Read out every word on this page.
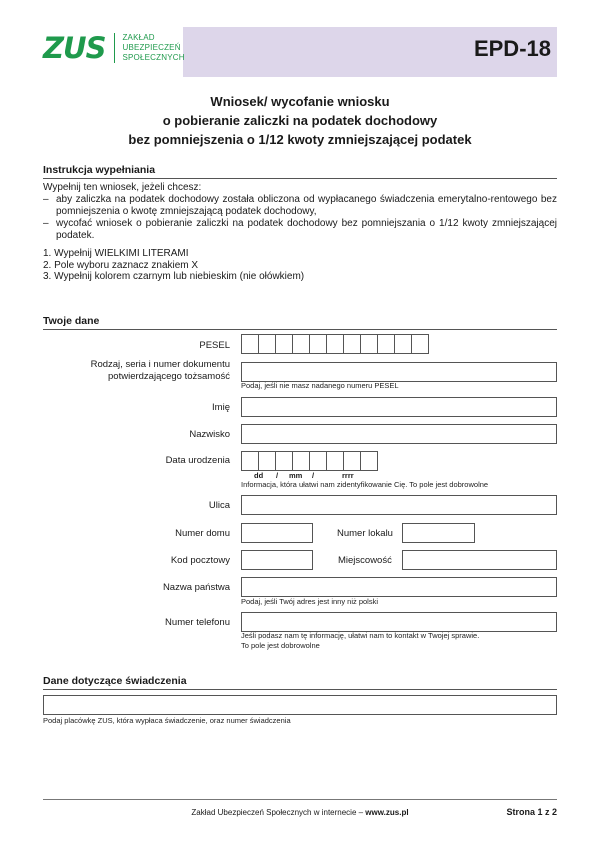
ZUS ZAKŁAD
UBEZPIECZEŃ
SPOŁECZNYCH	EPD-18
Wniosek/ wycofanie wniosku
o pobieranie zaliczki na podatek dochodowy
bez pomniejszenia o 1/12 kwoty zmniejszającej podatek
Instrukcja wypełniania
Wypełnij ten wniosek, jeżeli chcesz:
– aby zaliczka na podatek dochodowy została obliczona od wypłacanego świadczenia emerytalno-rentowego bez pomniejszenia o kwotę zmniejszającą podatek dochodowy,
– wycofać wniosek o pobieranie zaliczki na podatek dochodowy bez pomniejszania o 1/12 kwoty zmniejszającej podatek.
1. Wypełnij WIELKIMI LITERAMI
2. Pole wyboru zaznacz znakiem X
3. Wypełnij kolorem czarnym lub niebieskim (nie ołówkiem)
Twoje dane
PESEL
Rodzaj, seria i numer dokumentu
potwierdzającego tożsamość
Podaj, jeśli nie masz nadanego numeru PESEL
Imię
Nazwisko
Data urodzenia
dd / mm /	rrrr
Informacja, która ułatwi nam zidentyfikowanie Cię. To pole jest dobrowolne
Ulica
Numer domu	Numer lokalu
Kod pocztowy	Miejscowość
Nazwa państwa
Podaj, jeśli Twój adres jest inny niż polski
Numer telefonu
Jeśli podasz nam tę informację, ułatwi nam to kontakt w Twojej sprawie.
To pole jest dobrowolne
Dane dotyczące świadczenia
Podaj placówkę ZUS, która wypłaca świadczenie, oraz numer świadczenia
Zakład Ubezpieczeń Społecznych w internecie – www.zus.pl	Strona 1 z 2
